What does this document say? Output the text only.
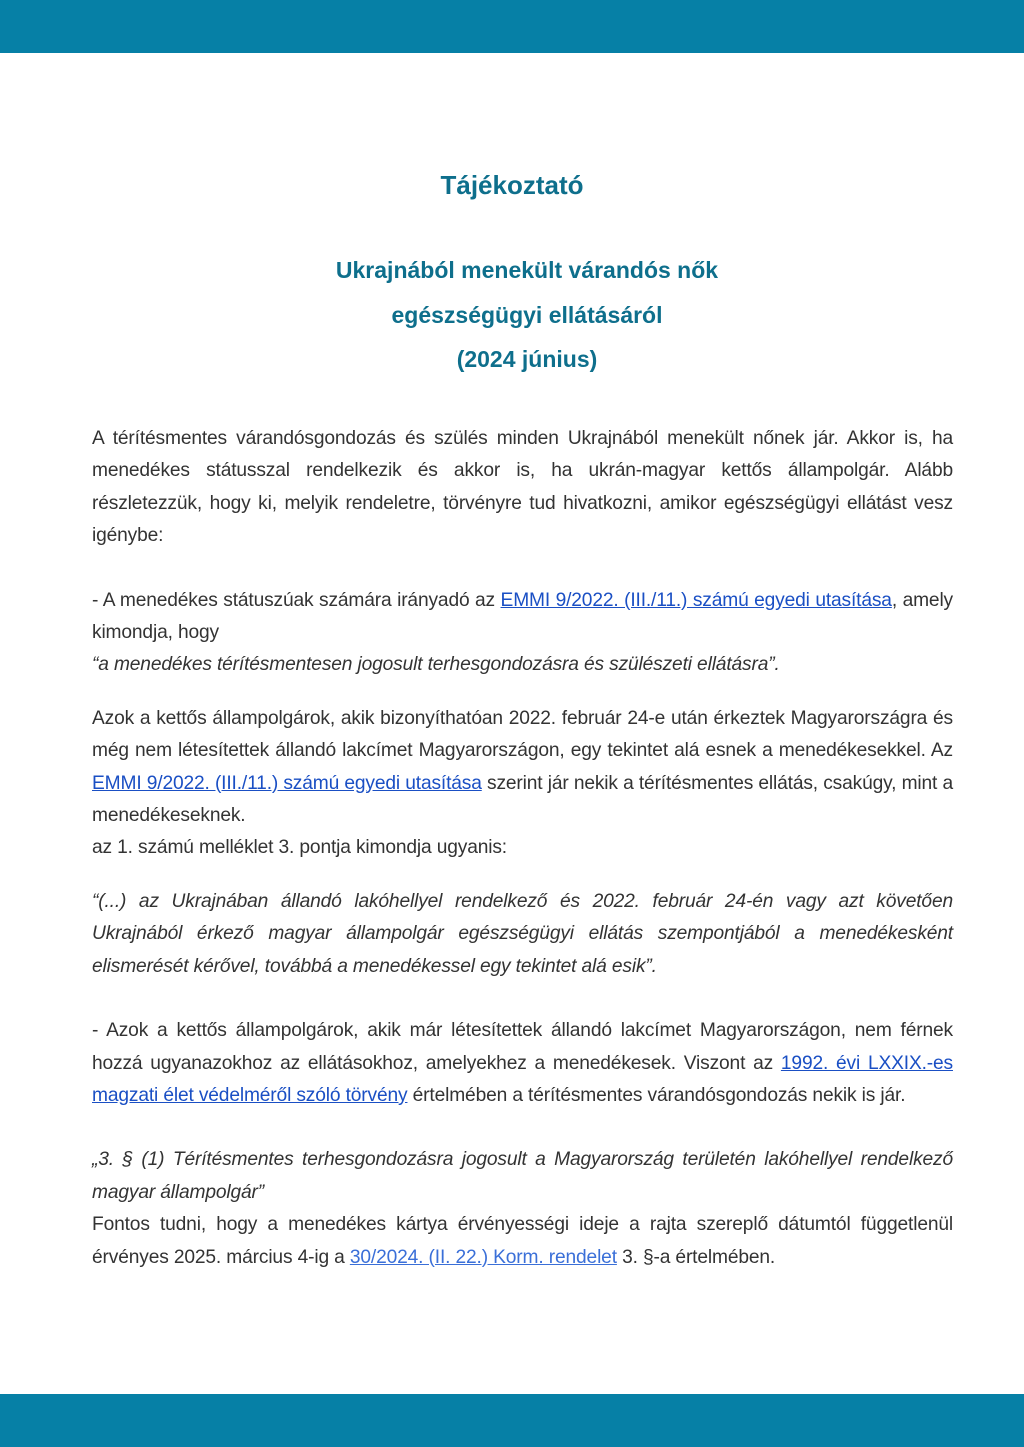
Tájékoztató
Ukrajnából menekült várandós nők
egészségügyi ellátásáról
(2024 június)

A térítésmentes várandósgondozás és szülés minden Ukrajnából menekült nőnek jár. Akkor is, ha menedékes státusszal rendelkezik és akkor is, ha ukrán-magyar kettős állampolgár. Alább részletezzük, hogy ki, melyik rendeletre, törvényre tud hivatkozni, amikor egészségügyi ellátást vesz igénybe:

- A menedékes státuszúak számára irányadó az EMMI 9/2022. (III./11.) számú egyedi utasítása, amely kimondja, hogy

“a menedékes térítésmentesen jogosult terhesgondozásra és szülészeti ellátásra”.

Azok a kettős állampolgárok, akik bizonyíthatóan 2022. február 24-e után érkeztek Magyarországra és még nem létesítettek állandó lakcímet Magyarországon, egy tekintet alá esnek a menedékesekkel. Az EMMI 9/2022. (III./11.) számú egyedi utasítása szerint jár nekik a térítésmentes ellátás, csakúgy, mint a menedékeseknek.

az 1. számú melléklet 3. pontja kimondja ugyanis:

“(...) az Ukrajnában állandó lakóhellyel rendelkező és 2022. február 24-én vagy azt követően Ukrajnából érkező magyar állampolgár egészségügyi ellátás szempontjából a menedékesként elismerését kérővel, továbbá a menedékessel egy tekintet alá esik”.

- Azok a kettős állampolgárok, akik már létesítettek állandó lakcímet Magyarországon, nem férnek hozzá ugyanazokhoz az ellátásokhoz, amelyekhez a menedékesek. Viszont az 1992. évi LXXIX.-es magzati élet védelméről szóló törvény értelmében a térítésmentes várandósgondozás nekik is jár.

„3. § (1) Térítésmentes terhesgondozásra jogosult a Magyarország területén lakóhellyel rendelkező magyar állampolgár”

Fontos tudni, hogy a menedékes kártya érvényességi ideje a rajta szereplő dátumtól függetlenül érvényes 2025. március 4-ig a 30/2024. (II. 22.) Korm. rendelet 3. §-a értelmében.
